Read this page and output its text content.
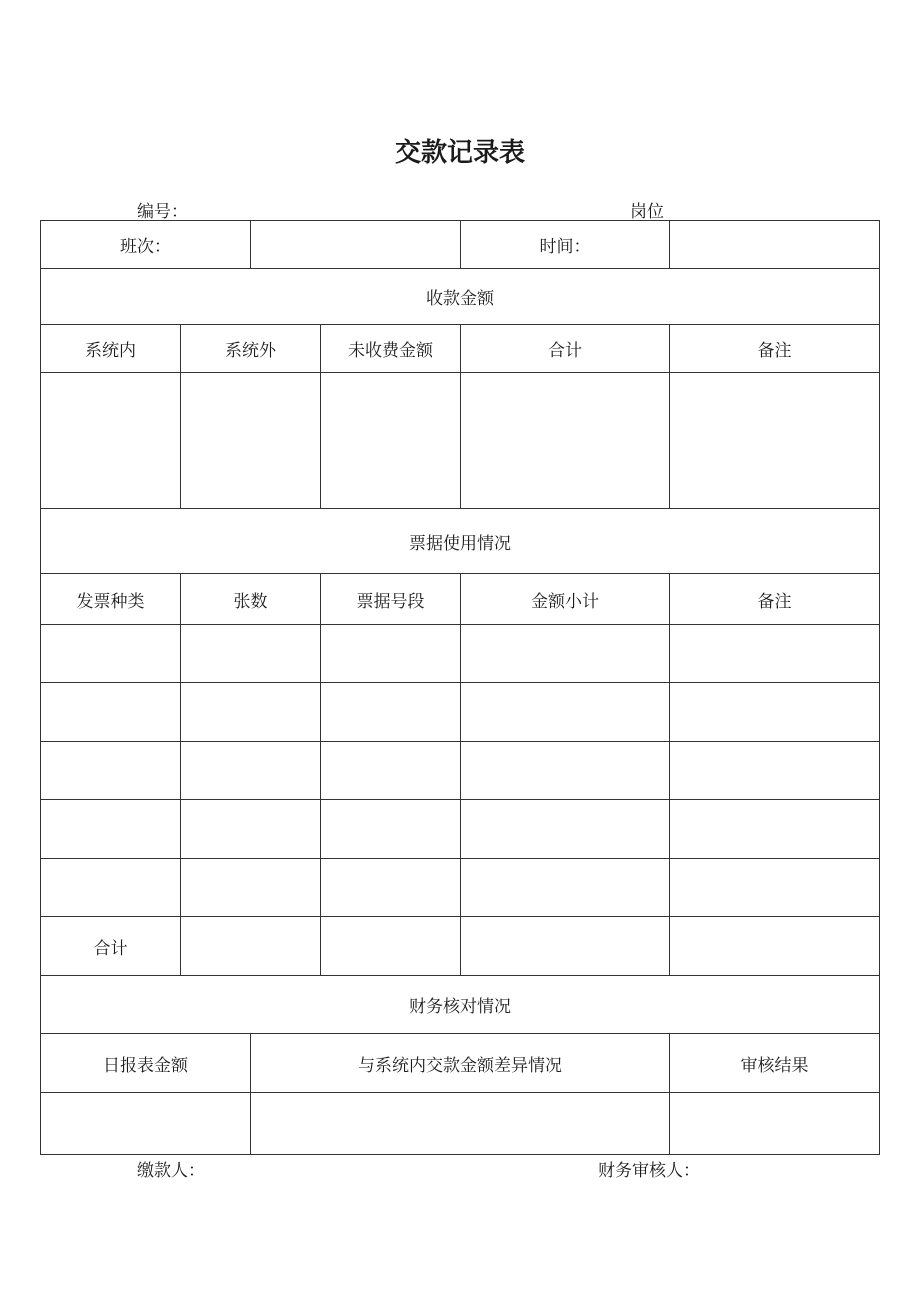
交款记录表
编号：	岗位
班次：				时间：	
收款金额					
系统内	系统外		未收费金额	合计	备注

票据使用情况					
发票种类	张数		票据号段	金额小计	备注

合计					
财务核对情况					
日报表金额		与系统内交款金额差异情况			审核结果

缴款人：	财务审核人：
